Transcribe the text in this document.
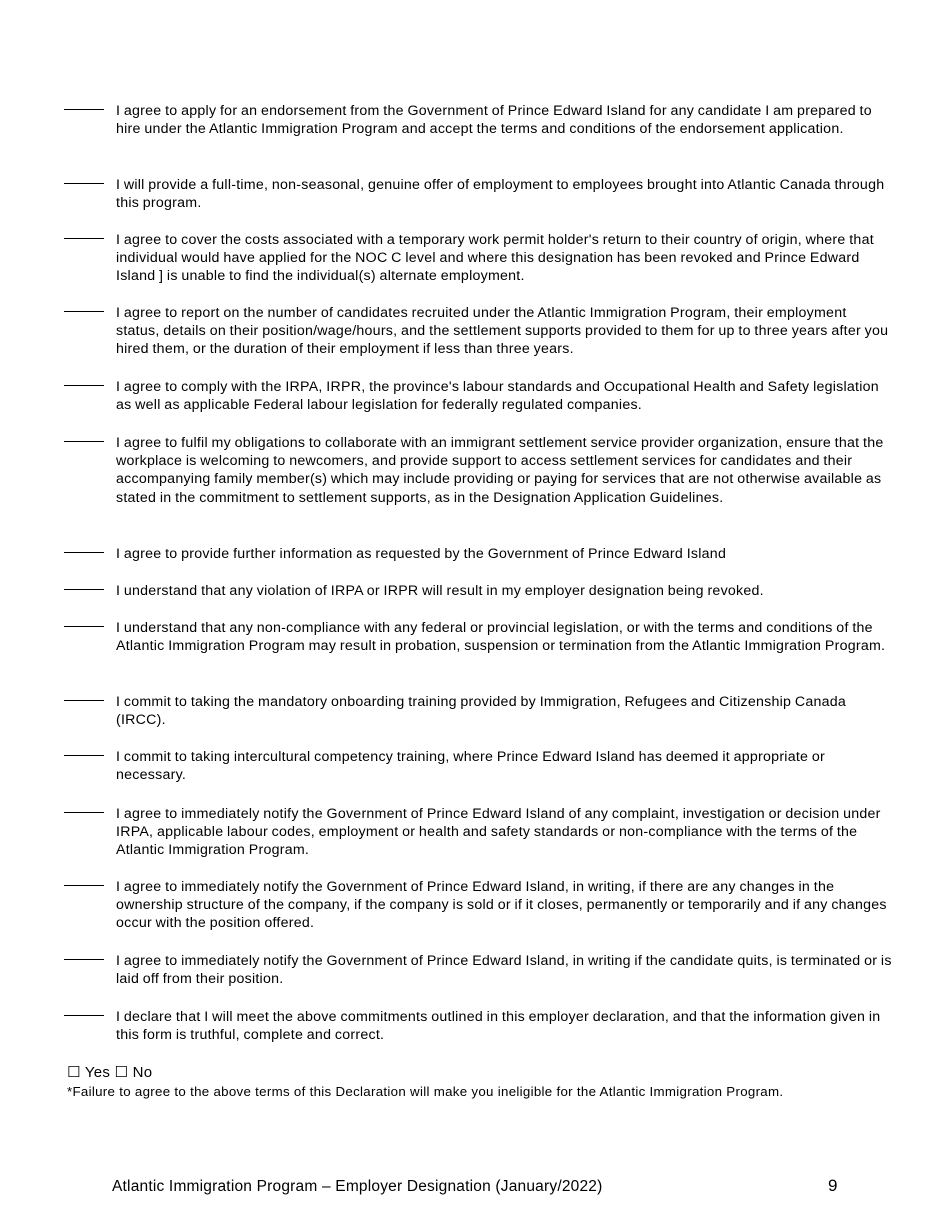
I agree to apply for an endorsement from the Government of Prince Edward Island for any candidate I am prepared to hire under the Atlantic Immigration Program and accept the terms and conditions of the endorsement application.
I will provide a full-time, non-seasonal, genuine offer of employment to employees brought into Atlantic Canada through this program.
I agree to cover the costs associated with a temporary work permit holder's return to their country of origin, where that individual would have applied for the NOC C level and where this designation has been revoked and Prince Edward Island ] is unable to find the individual(s) alternate employment.
I agree to report on the number of candidates recruited under the Atlantic Immigration Program, their employment status, details on their position/wage/hours, and the settlement supports provided to them for up to three years after you hired them, or the duration of their employment if less than three years.
I agree to comply with the IRPA, IRPR, the province's labour standards and Occupational Health and Safety legislation as well as applicable Federal labour legislation for federally regulated companies.
I agree to fulfil my obligations to collaborate with an immigrant settlement service provider organization, ensure that the workplace is welcoming to newcomers, and provide support to access settlement services for candidates and their accompanying family member(s) which may include providing or paying for services that are not otherwise available as stated in the commitment to settlement supports, as in the Designation Application Guidelines.
I agree to provide further information as requested by the Government of Prince Edward Island
I understand that any violation of IRPA or IRPR will result in my employer designation being revoked.
I understand that any non-compliance with any federal or provincial legislation, or with the terms and conditions of the Atlantic Immigration Program may result in probation, suspension or termination from the Atlantic Immigration Program.
I commit to taking the mandatory onboarding training provided by Immigration, Refugees and Citizenship Canada (IRCC).
I commit to taking intercultural competency training, where Prince Edward Island has deemed it appropriate or necessary.
I agree to immediately notify the Government of Prince Edward Island of any complaint, investigation or decision under IRPA, applicable labour codes, employment or health and safety standards or non-compliance with the terms of the Atlantic Immigration Program.
I agree to immediately notify the Government of Prince Edward Island, in writing, if there are any changes in the ownership structure of the company, if the company is sold or if it closes, permanently or temporarily and if any changes occur with the position offered.
I agree to immediately notify the Government of Prince Edward Island, in writing if the candidate quits, is terminated or is laid off from their position.
I declare that I will meet the above commitments outlined in this employer declaration, and that the information given in this form is truthful, complete and correct.
☐ Yes ☐ No
*Failure to agree to the above terms of this Declaration will make you ineligible for the Atlantic Immigration Program.
Atlantic Immigration Program – Employer Designation (January/2022)	9
